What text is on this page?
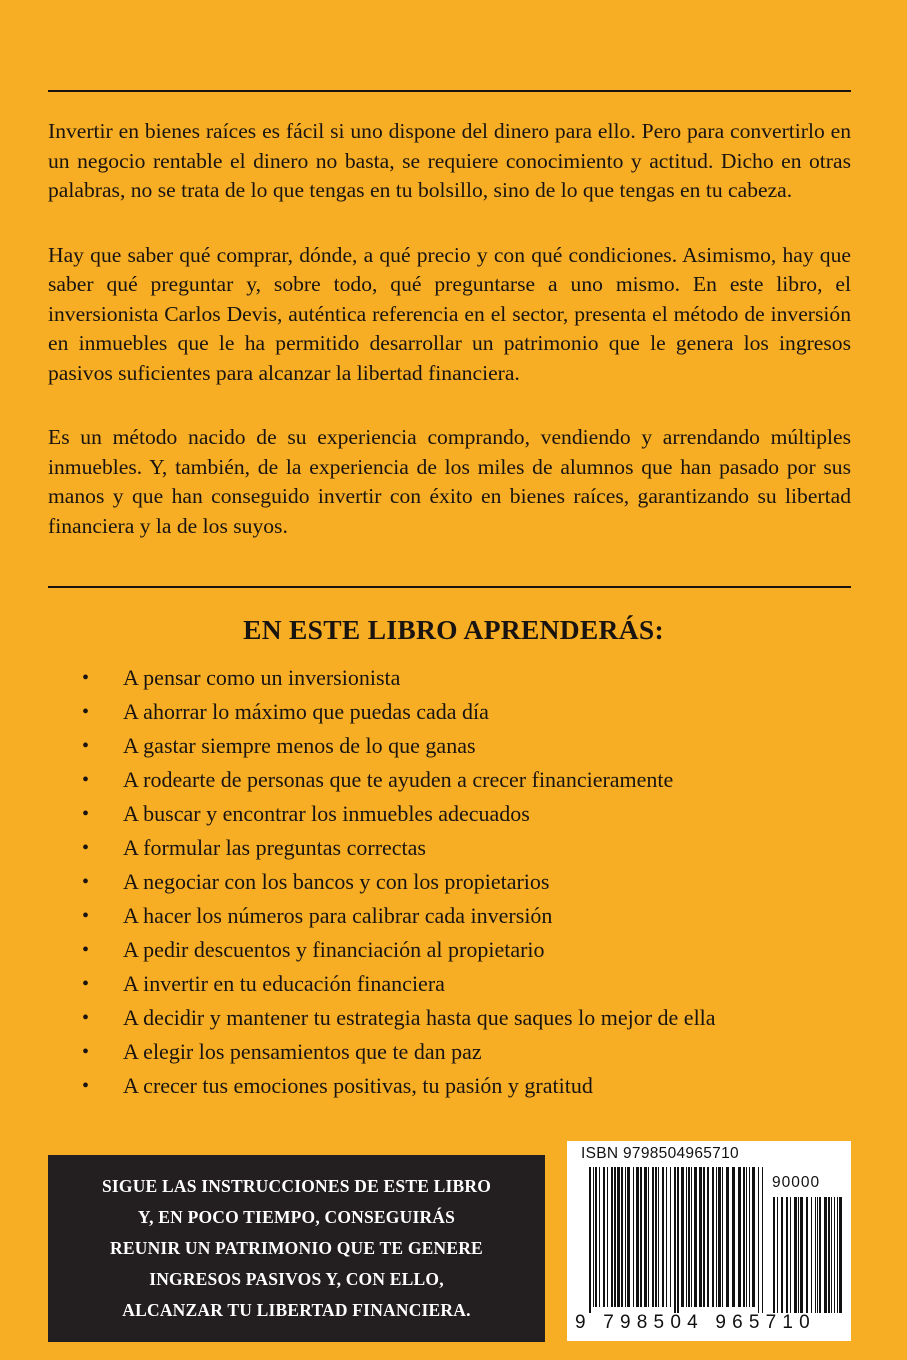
Invertir en bienes raíces es fácil si uno dispone del dinero para ello. Pero para convertirlo en un negocio rentable el dinero no basta, se requiere conocimiento y actitud. Dicho en otras palabras, no se trata de lo que tengas en tu bolsillo, sino de lo que tengas en tu cabeza.

Hay que saber qué comprar, dónde, a qué precio y con qué condiciones. Asimismo, hay que saber qué preguntar y, sobre todo, qué preguntarse a uno mismo. En este libro, el inversionista Carlos Devis, auténtica referencia en el sector, presenta el método de inversión en inmuebles que le ha permitido desarrollar un patrimonio que le genera los ingresos pasivos suficientes para alcanzar la libertad financiera.

Es un método nacido de su experiencia comprando, vendiendo y arrendando múltiples inmuebles. Y, también, de la experiencia de los miles de alumnos que han pasado por sus manos y que han conseguido invertir con éxito en bienes raíces, garantizando su libertad financiera y la de los suyos.

EN ESTE LIBRO APRENDERÁS:
• A pensar como un inversionista
• A ahorrar lo máximo que puedas cada día
• A gastar siempre menos de lo que ganas
• A rodearte de personas que te ayuden a crecer financieramente
• A buscar y encontrar los inmuebles adecuados
• A formular las preguntas correctas
• A negociar con los bancos y con los propietarios
• A hacer los números para calibrar cada inversión
• A pedir descuentos y financiación al propietario
• A invertir en tu educación financiera
• A decidir y mantener tu estrategia hasta que saques lo mejor de ella
• A elegir los pensamientos que te dan paz
• A crecer tus emociones positivas, tu pasión y gratitud
SIGUE LAS INSTRUCCIONES DE ESTE LIBRO
Y, EN POCO TIEMPO, CONSEGUIRÁS
REUNIR UN PATRIMONIO QUE TE GENERE
INGRESOS PASIVOS Y, CON ELLO,
ALCANZAR TU LIBERTAD FINANCIERA.
ISBN 9798504965710
90000
9 798504 965710
